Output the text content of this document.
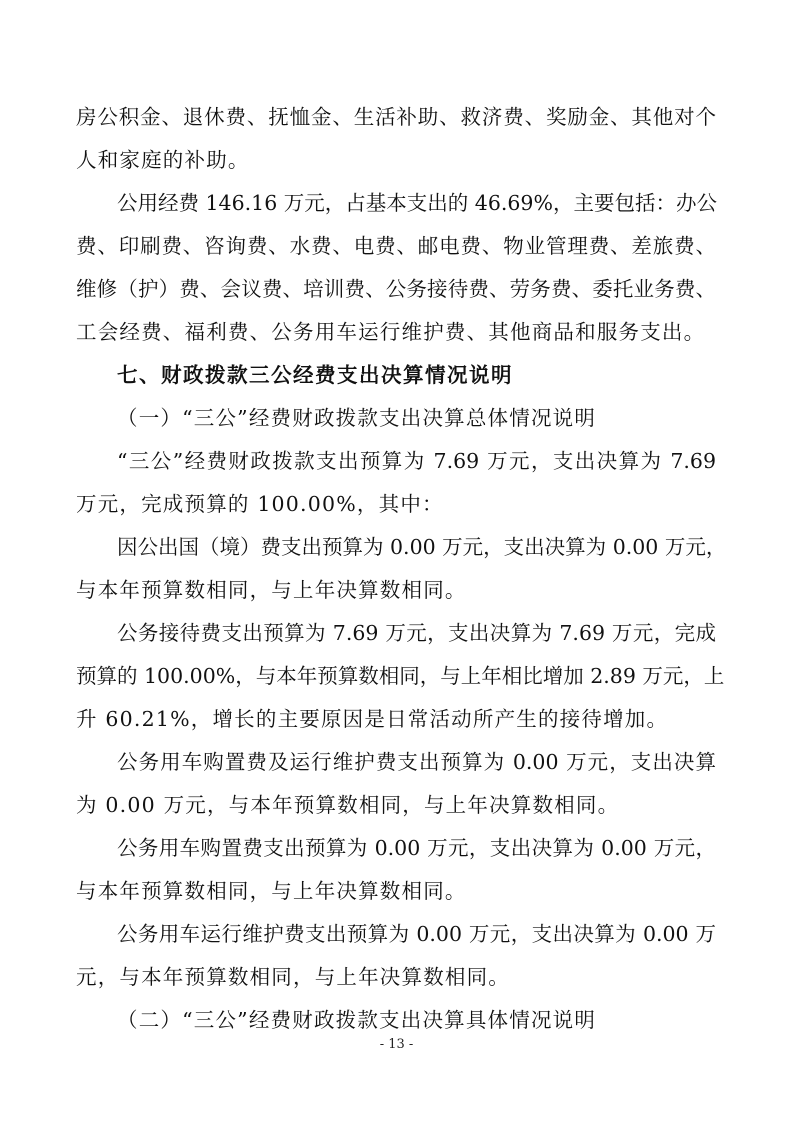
房公积金、退休费、抚恤金、生活补助、救济费、奖励金、其他对个
人和家庭的补助。
公用经费 146.16 万元，占基本支出的 46.69%，主要包括：办公
费、印刷费、咨询费、水费、电费、邮电费、物业管理费、差旅费、
维修（护）费、会议费、培训费、公务接待费、劳务费、委托业务费、
工会经费、福利费、公务用车运行维护费、其他商品和服务支出。
七、财政拨款三公经费支出决算情况说明
（一）“三公”经费财政拨款支出决算总体情况说明
“三公”经费财政拨款支出预算为 7.69 万元，支出决算为 7.69
万元，完成预算的 100.00%，其中：
因公出国（境）费支出预算为 0.00 万元，支出决算为 0.00 万元，
与本年预算数相同，与上年决算数相同。
公务接待费支出预算为 7.69 万元，支出决算为 7.69 万元，完成
预算的 100.00%，与本年预算数相同，与上年相比增加 2.89 万元，上
升 60.21%，增长的主要原因是日常活动所产生的接待增加。
公务用车购置费及运行维护费支出预算为 0.00 万元，支出决算
为 0.00 万元，与本年预算数相同，与上年决算数相同。
公务用车购置费支出预算为 0.00 万元，支出决算为 0.00 万元，
与本年预算数相同，与上年决算数相同。
公务用车运行维护费支出预算为 0.00 万元，支出决算为 0.00 万
元，与本年预算数相同，与上年决算数相同。
（二）“三公”经费财政拨款支出决算具体情况说明
- 13 -
